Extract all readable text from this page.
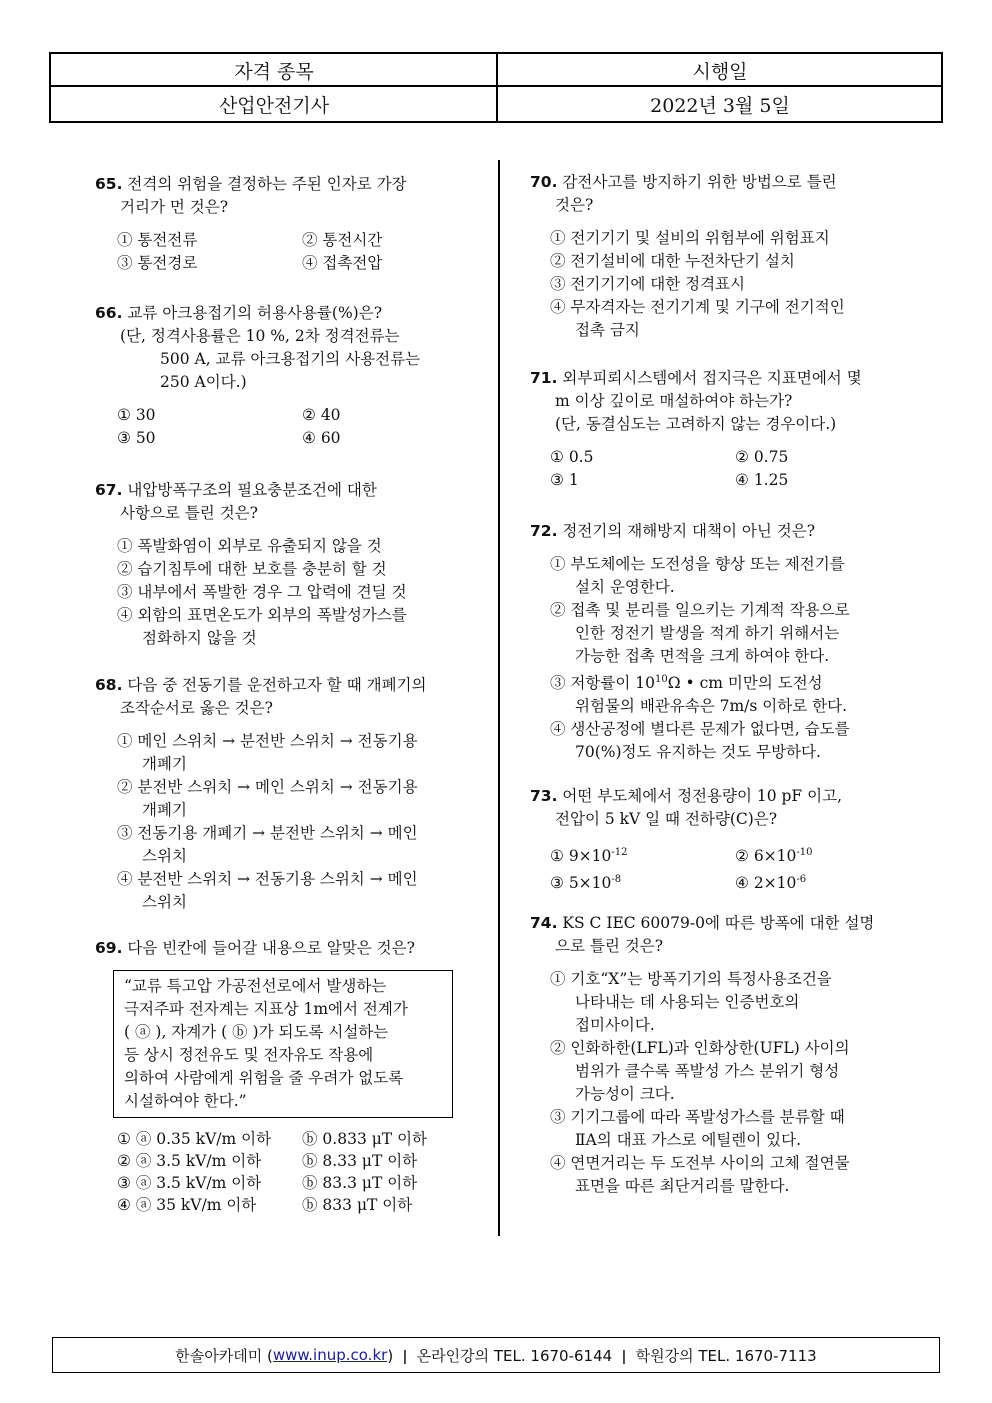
자격 종목	시행일
산업안전기사	2022년 3월 5일
65. 전격의 위험을 결정하는 주된 인자로 가장
거리가 먼 것은?
① 통전전류	② 통전시간
③ 통전경로	④ 접촉전압
66. 교류 아크용접기의 허용사용률(%)은?
(단, 정격사용률은 10 %, 2차 정격전류는
500 A, 교류 아크용접기의 사용전류는
250 A이다.)
① 30	② 40
③ 50	④ 60
67. 내압방폭구조의 필요충분조건에 대한
사항으로 틀린 것은?
① 폭발화염이 외부로 유출되지 않을 것
② 습기침투에 대한 보호를 충분히 할 것
③ 내부에서 폭발한 경우 그 압력에 견딜 것
④ 외함의 표면온도가 외부의 폭발성가스를
점화하지 않을 것
68. 다음 중 전동기를 운전하고자 할 때 개폐기의
조작순서로 옳은 것은?
① 메인 스위치 → 분전반 스위치 → 전동기용
개폐기
② 분전반 스위치 → 메인 스위치 → 전동기용
개폐기
③ 전동기용 개폐기 → 분전반 스위치 → 메인
스위치
④ 분전반 스위치 → 전동기용 스위치 → 메인
스위치
69. 다음 빈칸에 들어갈 내용으로 알맞은 것은?
“교류 특고압 가공전선로에서 발생하는
극저주파 전자계는 지표상 1m에서 전계가
( ⓐ ), 자계가 ( ⓑ )가 되도록 시설하는
등 상시 정전유도 및 전자유도 작용에
의하여 사람에게 위험을 줄 우려가 없도록
시설하여야 한다.”
① ⓐ 0.35 kV/m 이하	ⓑ 0.833 μT 이하
② ⓐ 3.5 kV/m 이하	ⓑ 8.33 μT 이하
③ ⓐ 3.5 kV/m 이하	ⓑ 83.3 μT 이하
④ ⓐ 35 kV/m 이하	ⓑ 833 μT 이하
70. 감전사고를 방지하기 위한 방법으로 틀린
것은?
① 전기기기 및 설비의 위험부에 위험표지
② 전기설비에 대한 누전차단기 설치
③ 전기기기에 대한 정격표시
④ 무자격자는 전기기계 및 기구에 전기적인
접촉 금지
71. 외부피뢰시스템에서 접지극은 지표면에서 몇
m 이상 깊이로 매설하여야 하는가?
(단, 동결심도는 고려하지 않는 경우이다.)
① 0.5	② 0.75
③ 1	④ 1.25
72. 정전기의 재해방지 대책이 아닌 것은?
① 부도체에는 도전성을 향상 또는 제전기를
설치 운영한다.
② 접촉 및 분리를 일으키는 기계적 작용으로
인한 정전기 발생을 적게 하기 위해서는
가능한 접촉 면적을 크게 하여야 한다.
③ 저항률이 $10^{10}\Omega$ • cm 미만의 도전성
위험물의 배관유속은 7m/s 이하로 한다.
④ 생산공정에 별다른 문제가 없다면, 습도를
70(%)정도 유지하는 것도 무방하다.
73. 어떤 부도체에서 정전용량이 10 pF 이고,
전압이 5 kV 일 때 전하량(C)은?
① $9\times 10^{-12}$	② $6\times 10^{-10}$
③ $5\times 10^{-8}$	④ $2\times 10^{-6}$
74. KS C IEC 60079-0에 따른 방폭에 대한 설명
으로 틀린 것은?
① 기호“X”는 방폭기기의 특정사용조건을
나타내는 데 사용되는 인증번호의
접미사이다.
② 인화하한(LFL)과 인화상한(UFL) 사이의
범위가 클수록 폭발성 가스 분위기 형성
가능성이 크다.
③ 기기그룹에 따라 폭발성가스를 분류할 때
ⅡA의 대표 가스로 에틸렌이 있다.
④ 연면거리는 두 도전부 사이의 고체 절연물
표면을 따른 최단거리를 말한다.
한솔아카데미 ( www.inup.co.kr )  ǀ  온라인강의 TEL. 1670-6144  ǀ  학원강의 TEL. 1670-7113
